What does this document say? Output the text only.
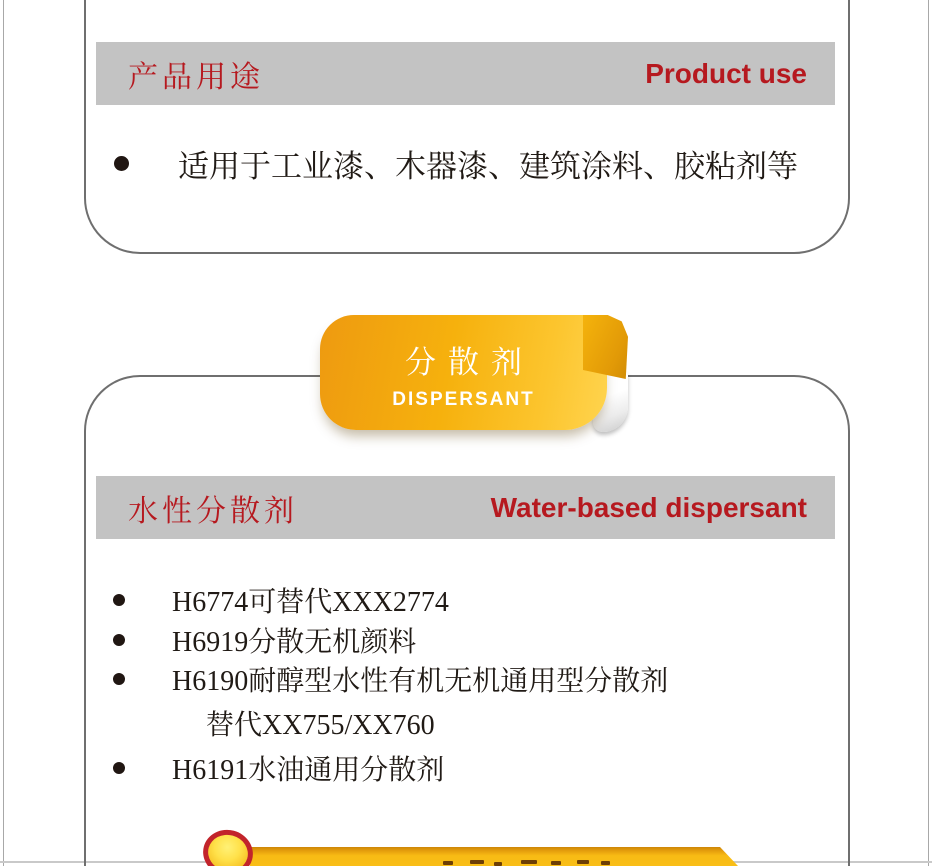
产品用途	Product use
适用于工业漆、木器漆、建筑涂料、胶粘剂等
分散剂
DISPERSANT
水性分散剂	Water-based dispersant
H6774可替代XXX2774
H6919分散无机颜料
H6190耐醇型水性有机无机通用型分散剂
替代XX755/XX760
H6191水油通用分散剂
